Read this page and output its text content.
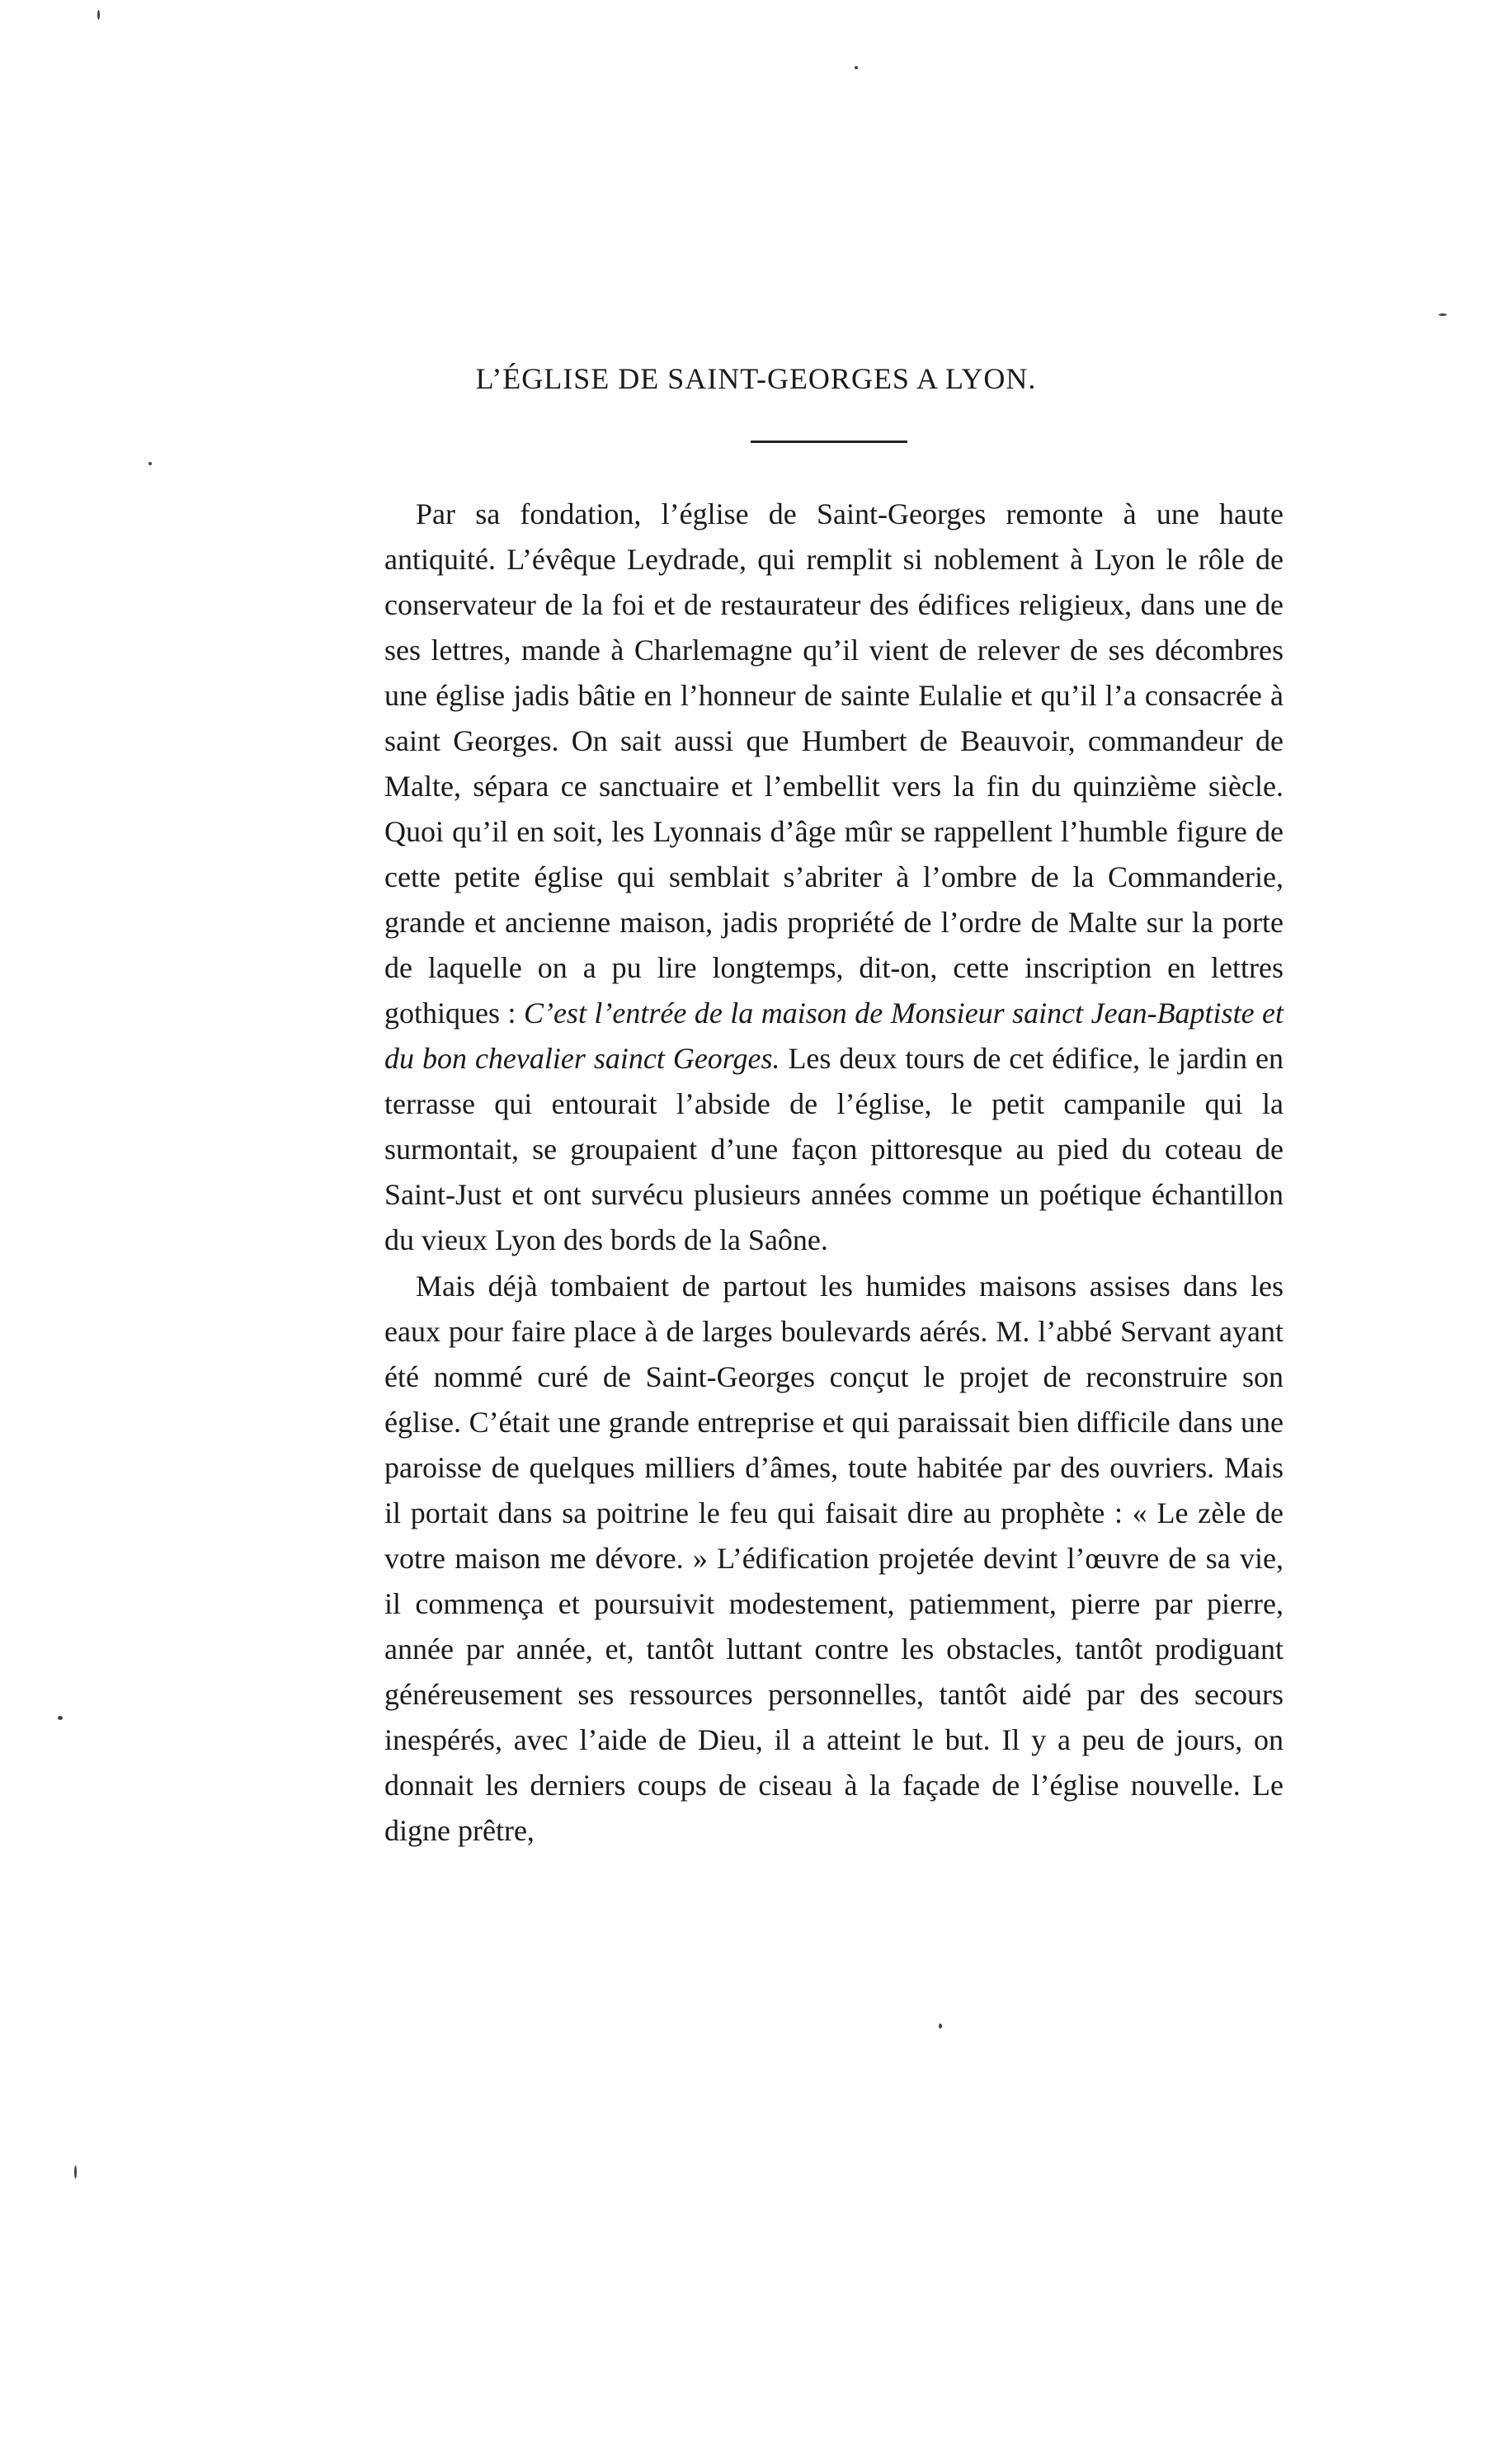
L’ÉGLISE DE SAINT-GEORGES A LYON.

Par sa fondation, l’église de Saint-Georges remonte à une haute antiquité. L’évêque Leydrade, qui remplit si noblement à Lyon le rôle de conservateur de la foi et de restaurateur des édifices religieux, dans une de ses lettres, mande à Charlemagne qu’il vient de relever de ses décombres une église jadis bâtie en l’honneur de sainte Eulalie et qu’il l’a consacrée à saint Georges. On sait aussi que Humbert de Beauvoir, commandeur de Malte, sépara ce sanctuaire et l’embellit vers la fin du quinzième siècle. Quoi qu’il en soit, les Lyonnais d’âge mûr se rappellent l’humble figure de cette petite église qui semblait s’abriter à l’ombre de la Commanderie, grande et ancienne maison, jadis propriété de l’ordre de Malte sur la porte de laquelle on a pu lire longtemps, dit-on, cette inscription en lettres gothiques : C’est l’entrée de la maison de Monsieur sainct Jean-Baptiste et du bon chevalier sainct Georges. Les deux tours de cet édifice, le jardin en terrasse qui entourait l’abside de l’église, le petit campanile qui la surmontait, se groupaient d’une façon pittoresque au pied du coteau de Saint-Just et ont survécu plusieurs années comme un poétique échantillon du vieux Lyon des bords de la Saône.

Mais déjà tombaient de partout les humides maisons assises dans les eaux pour faire place à de larges boulevards aérés. M. l’abbé Servant ayant été nommé curé de Saint-Georges conçut le projet de reconstruire son église. C’était une grande entreprise et qui paraissait bien difficile dans une paroisse de quelques milliers d’âmes, toute habitée par des ouvriers. Mais il portait dans sa poitrine le feu qui faisait dire au prophète : « Le zèle de votre maison me dévore. » L’édification projetée devint l’œuvre de sa vie, il commença et poursuivit modestement, patiemment, pierre par pierre, année par année, et, tantôt luttant contre les obstacles, tantôt prodiguant généreusement ses ressources personnelles, tantôt aidé par des secours inespérés, avec l’aide de Dieu, il a atteint le but. Il y a peu de jours, on donnait les derniers coups de ciseau à la façade de l’église nouvelle. Le digne prêtre,
